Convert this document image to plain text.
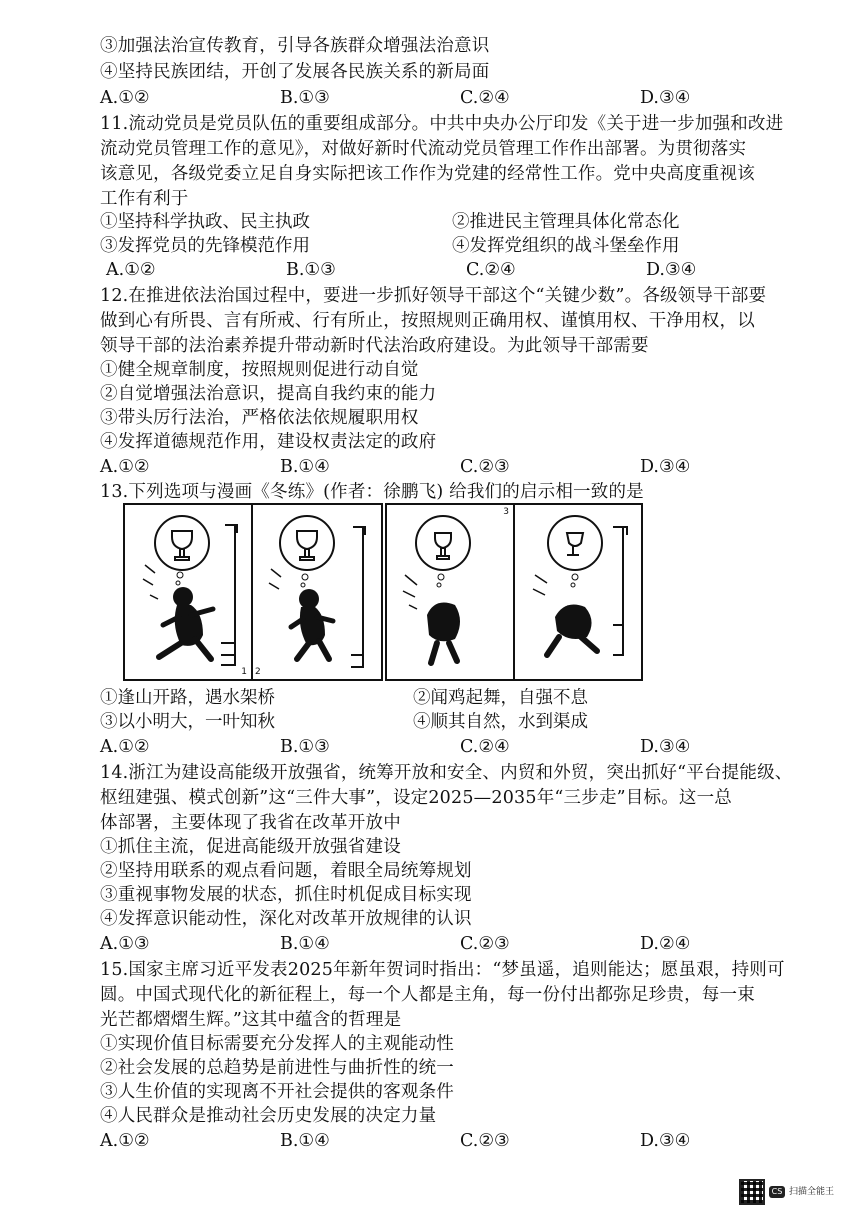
③加强法治宣传教育，引导各族群众增强法治意识
④坚持民族团结，开创了发展各民族关系的新局面
A.①②	B.①③	C.②④	D.③④
11.流动党员是党员队伍的重要组成部分。中共中央办公厅印发《关于进一步加强和改进
流动党员管理工作的意见》，对做好新时代流动党员管理工作作出部署。为贯彻落实
该意见，各级党委立足自身实际把该工作作为党建的经常性工作。党中央高度重视该
工作有利于
①坚持科学执政、民主执政	②推进民主管理具体化常态化
③发挥党员的先锋模范作用	④发挥党组织的战斗堡垒作用
A.①②	B.①③	C.②④	D.③④
12.在推进依法治国过程中，要进一步抓好领导干部这个“关键少数”。各级领导干部要
做到心有所畏、言有所戒、行有所止，按照规则正确用权、谨慎用权、干净用权，以
领导干部的法治素养提升带动新时代法治政府建设。为此领导干部需要
①健全规章制度，按照规则促进行动自觉
②自觉增强法治意识，提高自我约束的能力
③带头厉行法治，严格依法依规履职用权
④发挥道德规范作用，建设权责法定的政府
A.①②	B.①④	C.②③	D.③④
13.下列选项与漫画《冬练》(作者：徐鹏飞) 给我们的启示相一致的是
1 2
3
①逢山开路，遇水架桥	②闻鸡起舞，自强不息
③以小明大，一叶知秋	④顺其自然，水到渠成
A.①②	B.①③	C.②④	D.③④
14.浙江为建设高能级开放强省，统筹开放和安全、内贸和外贸，突出抓好“平台提能级、
枢纽建强、模式创新”这“三件大事”，设定2025—2035年“三步走”目标。这一总
体部署，主要体现了我省在改革开放中
①抓住主流，促进高能级开放强省建设
②坚持用联系的观点看问题，着眼全局统筹规划
③重视事物发展的状态，抓住时机促成目标实现
④发挥意识能动性，深化对改革开放规律的认识
A.①③	B.①④	C.②③	D.②④
15.国家主席习近平发表2025年新年贺词时指出：“梦虽遥，追则能达；愿虽艰，持则可
圆。中国式现代化的新征程上，每一个人都是主角，每一份付出都弥足珍贵，每一束
光芒都熠熠生辉。”这其中蕴含的哲理是
①实现价值目标需要充分发挥人的主观能动性
②社会发展的总趋势是前进性与曲折性的统一
③人生价值的实现离不开社会提供的客观条件
④人民群众是推动社会历史发展的决定力量
A.①②	B.①④	C.②③	D.③④
CS 扫描全能王
